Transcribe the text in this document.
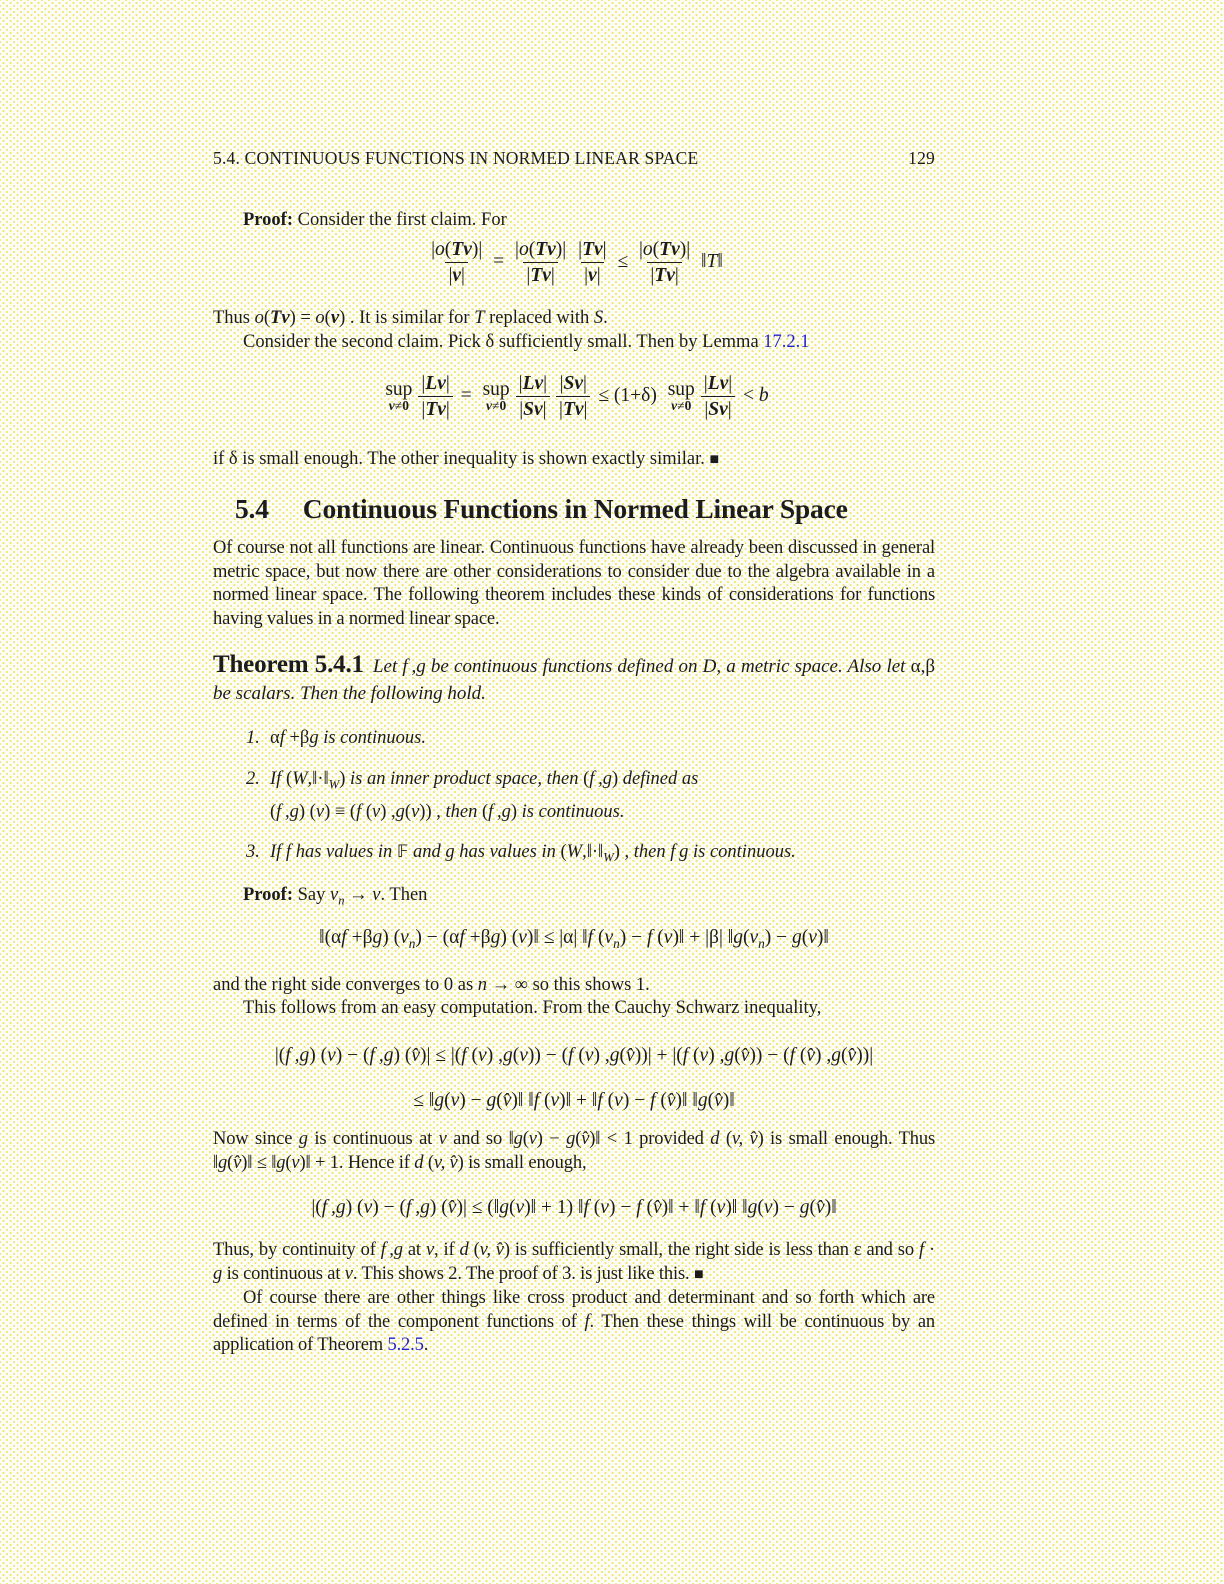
5.4. CONTINUOUS FUNCTIONS IN NORMED LINEAR SPACE	129

Proof: Consider the first claim. For

$\frac{|o(Tv)|}{|v|} = \frac{|o(Tv)|}{|Tv|} \frac{|Tv|}{|v|} \le \frac{|o(Tv)|}{|Tv|}$ ‖T‖

Thus o(Tv) = o(v) . It is similar for T replaced with S.

Consider the second claim. Pick δ sufficiently small. Then by Lemma 17.2.1

sup
$v\ne 0 \frac{|Lv|}{|Tv|}$ = sup
$v\ne 0 \frac{|Lv|}{|Sv|} \frac{|Sv|}{|Tv|} \le (1+\delta)$ sup
$v\ne 0 \frac{|Lv|}{|Sv|} < b$

if δ is small enough. The other inequality is shown exactly similar. ■

5.4 Continuous Functions in Normed Linear Space

Of course not all functions are linear. Continuous functions have already been discussed in general metric space, but now there are other considerations to consider due to the algebra available in a normed linear space. The following theorem includes these kinds of considerations for functions having values in a normed linear space.

Theorem 5.4.1 Let f ,g be continuous functions defined on D, a metric space. Also let α,β be scalars. Then the following hold.

1. αf +βg is continuous.
2. If $(W,‖\cdot‖_W)$ is an inner product space, then (f ,g) defined as
(f ,g) (v) ≡ (f (v) ,g(v)) , then (f ,g) is continuous.
3. If f has values in 𝔽 and g has values in $(W,‖\cdot‖_W)$ , then f g is continuous.

Proof: Say $v_n \to v$. Then

‖(αf +βg) $(v_n) - (\alpha f +\beta g)$ (v)‖ ≤ |α| ‖f $(v_n) - f$ (v)‖ + |β| $‖g(v_n)$ − g(v)‖

and the right side converges to 0 as n → ∞ so this shows 1.

This follows from an easy computation. From the Cauchy Schwarz inequality,

|(f ,g) (v) − (f ,g) (v̂)| ≤ |(f (v) ,g(v)) − (f (v) ,g(v̂))| + |(f (v) ,g(v̂)) − (f (v̂) ,g(v̂))|
≤ ‖g(v) − g(v̂)‖ ‖f (v)‖ + ‖f (v) − f (v̂)‖ ‖g(v̂)‖

Now since g is continuous at v and so ‖g(v) − g(v̂)‖ < 1 provided d (v, v̂) is small enough. Thus ‖g(v̂)‖ ≤ ‖g(v)‖ + 1. Hence if d (v, v̂) is small enough,

|(f ,g) (v) − (f ,g) (v̂)| ≤ (‖g(v)‖ + 1) ‖f (v) − f (v̂)‖ + ‖f (v)‖ ‖g(v) − g(v̂)‖

Thus, by continuity of f ,g at v, if d (v, v̂) is sufficiently small, the right side is less than ε and so f · g is continuous at v. This shows 2. The proof of 3. is just like this. ■

Of course there are other things like cross product and determinant and so forth which are defined in terms of the component functions of f. Then these things will be continuous by an application of Theorem 5.2.5.
